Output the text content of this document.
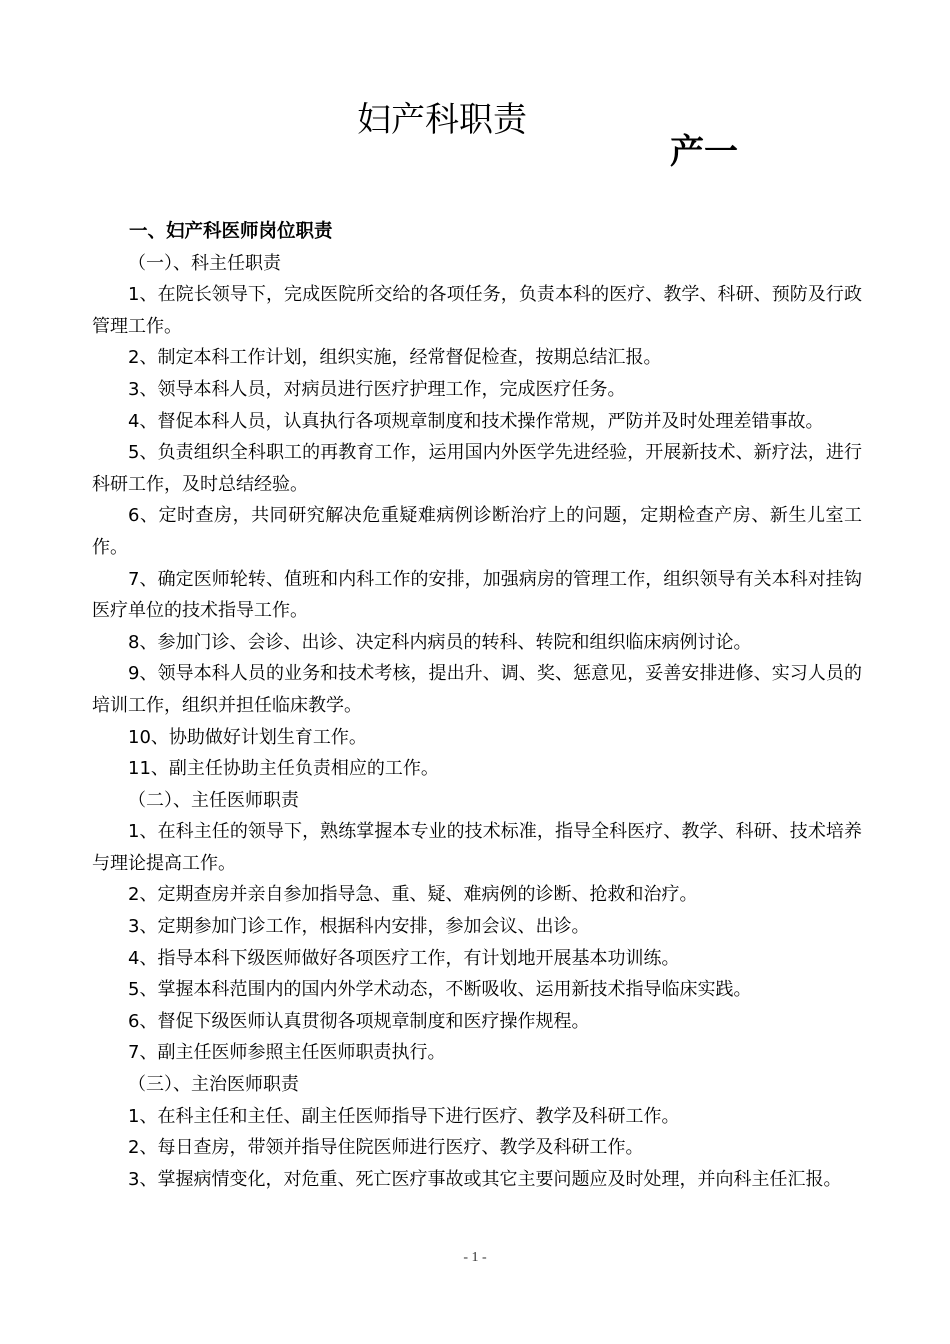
妇产科职责
产一

一、妇产科医师岗位职责

（一）、科主任职责

1、在院长领导下，完成医院所交给的各项任务，负责本科的医疗、教学、科研、预防及行政管理工作。

2、制定本科工作计划，组织实施，经常督促检查，按期总结汇报。

3、领导本科人员，对病员进行医疗护理工作，完成医疗任务。

4、督促本科人员，认真执行各项规章制度和技术操作常规，严防并及时处理差错事故。

5、负责组织全科职工的再教育工作，运用国内外医学先进经验，开展新技术、新疗法，进行科研工作，及时总结经验。

6、定时查房，共同研究解决危重疑难病例诊断治疗上的问题，定期检查产房、新生儿室工作。

7、确定医师轮转、值班和内科工作的安排，加强病房的管理工作，组织领导有关本科对挂钩医疗单位的技术指导工作。

8、参加门诊、会诊、出诊、决定科内病员的转科、转院和组织临床病例讨论。

9、领导本科人员的业务和技术考核，提出升、调、奖、惩意见，妥善安排进修、实习人员的培训工作，组织并担任临床教学。

10、协助做好计划生育工作。

11、副主任协助主任负责相应的工作。

（二）、主任医师职责

1、在科主任的领导下，熟练掌握本专业的技术标准，指导全科医疗、教学、科研、技术培养与理论提高工作。

2、定期查房并亲自参加指导急、重、疑、难病例的诊断、抢救和治疗。

3、定期参加门诊工作，根据科内安排，参加会议、出诊。

4、指导本科下级医师做好各项医疗工作，有计划地开展基本功训练。

5、掌握本科范围内的国内外学术动态，不断吸收、运用新技术指导临床实践。

6、督促下级医师认真贯彻各项规章制度和医疗操作规程。

7、副主任医师参照主任医师职责执行。

（三）、主治医师职责

1、在科主任和主任、副主任医师指导下进行医疗、教学及科研工作。

2、每日查房，带领并指导住院医师进行医疗、教学及科研工作。

3、掌握病情变化，对危重、死亡医疗事故或其它主要问题应及时处理，并向科主任汇报。

- 1 -
